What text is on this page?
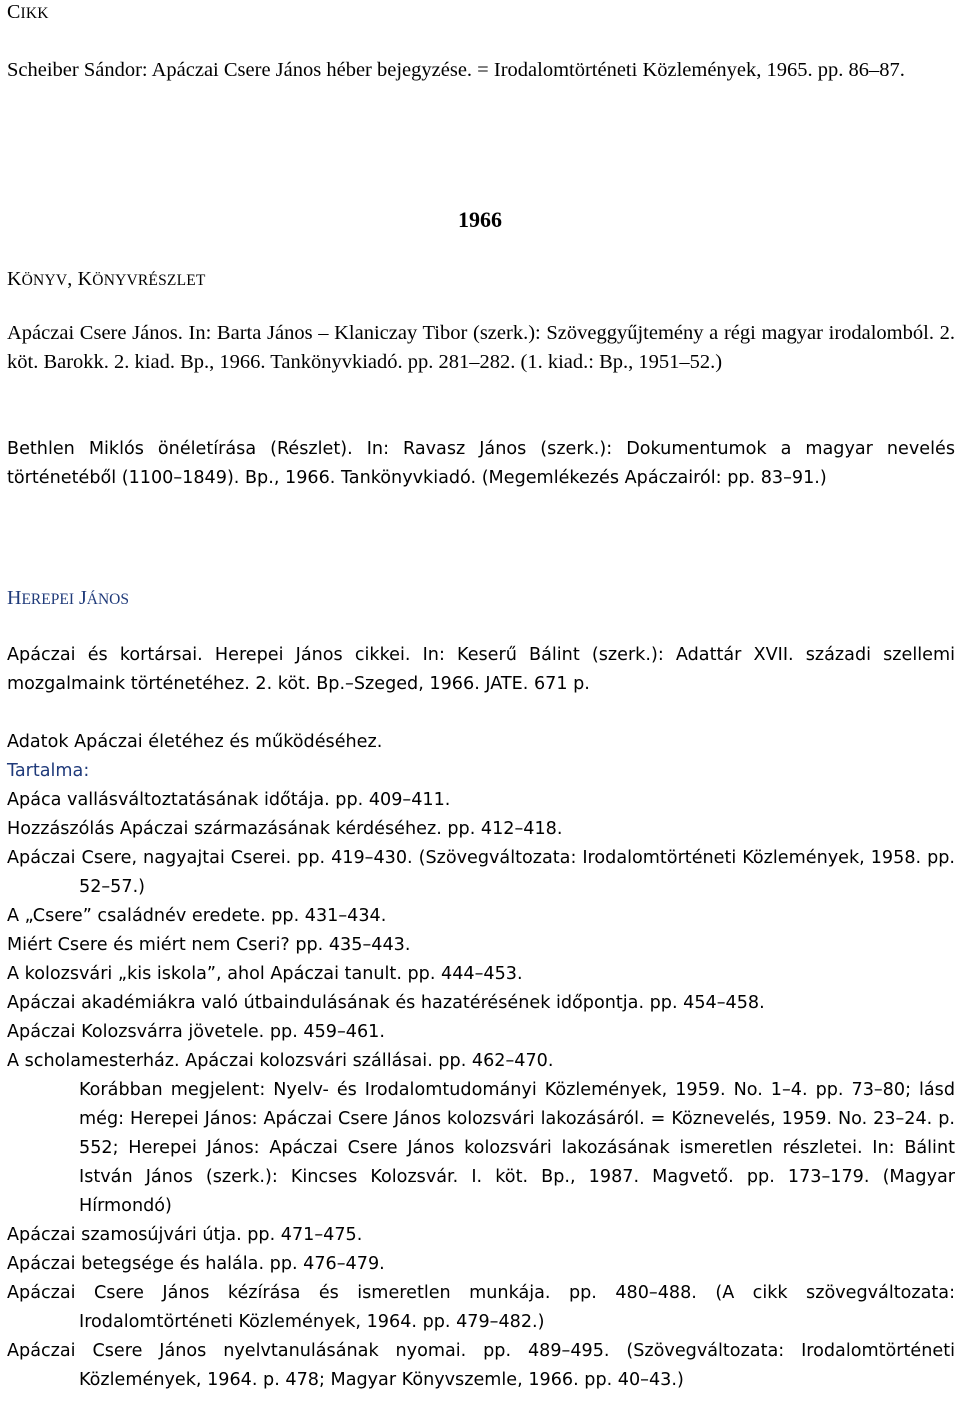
CIKK

Scheiber Sándor: Apáczai Csere János héber bejegyzése. = Irodalomtörténeti Közlemények, 1965. pp. 86–87.

1966
KÖNYV, KÖNYVRÉSZLET

Apáczai Csere János. In: Barta János – Klaniczay Tibor (szerk.): Szöveggyűjtemény a régi magyar irodalomból. 2. köt. Barokk. 2. kiad. Bp., 1966. Tankönyvkiadó. pp. 281–282. (1. kiad.: Bp., 1951–52.)

Bethlen Miklós önéletírása (Részlet). In: Ravasz János (szerk.): Dokumentumok a magyar nevelés történetéből (1100–1849). Bp., 1966. Tankönyvkiadó. (Megemlékezés Apáczairól: pp. 83–91.)

HEREPEI JÁNOS

Apáczai és kortársai. Herepei János cikkei. In: Keserű Bálint (szerk.): Adattár XVII. századi szellemi mozgalmaink történetéhez. 2. köt. Bp.–Szeged, 1966. JATE. 671 p.

Adatok Apáczai életéhez és működéséhez.
Tartalma:
Apáca vallásváltoztatásának időtája. pp. 409–411.
Hozzászólás Apáczai származásának kérdéséhez. pp. 412–418.
Apáczai Csere, nagyajtai Cserei. pp. 419–430. (Szövegváltozata: Irodalomtörténeti Közlemények, 1958. pp. 52–57.)
A „Csere” családnév eredete. pp. 431–434.
Miért Csere és miért nem Cseri? pp. 435–443.
A kolozsvári „kis iskola”, ahol Apáczai tanult. pp. 444–453.
Apáczai akadémiákra való útbaindulásának és hazatérésének időpontja. pp. 454–458.
Apáczai Kolozsvárra jövetele. pp. 459–461.
A scholamesterház. Apáczai kolozsvári szállásai. pp. 462–470.
Korábban megjelent: Nyelv- és Irodalomtudományi Közlemények, 1959. No. 1–4. pp. 73–80; lásd még: Herepei János: Apáczai Csere János kolozsvári lakozásáról. = Köznevelés, 1959. No. 23–24. p. 552; Herepei János: Apáczai Csere János kolozsvári lakozásának ismeretlen részletei. In: Bálint István János (szerk.): Kincses Kolozsvár. I. köt. Bp., 1987. Magvető. pp. 173–179. (Magyar Hírmondó)
Apáczai szamosújvári útja. pp. 471–475.
Apáczai betegsége és halála. pp. 476–479.
Apáczai Csere János kézírása és ismeretlen munkája. pp. 480–488. (A cikk szövegváltozata: Irodalomtörténeti Közlemények, 1964. pp. 479–482.)
Apáczai Csere János nyelvtanulásának nyomai. pp. 489–495. (Szövegváltozata: Irodalomtörténeti Közlemények, 1964. p. 478; Magyar Könyvszemle, 1966. pp. 40–43.)
